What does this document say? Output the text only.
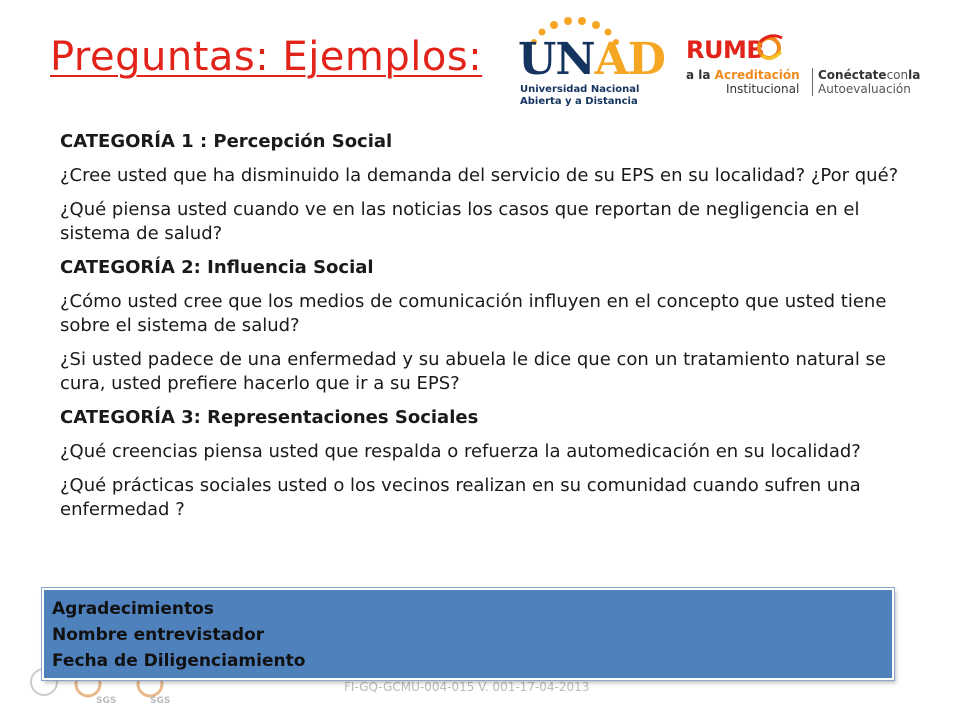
Preguntas: Ejemplos: UNAD
Universidad Nacional
Abierta y a Distancia
RUMB
a la Acreditación
Institucional
Conéctateconla
Autoevaluación

CATEGORÍA 1 : Percepción Social

¿Cree usted que ha disminuido la demanda del servicio de su EPS en su localidad? ¿Por qué?

¿Qué piensa usted cuando ve en las noticias los casos que reportan de negligencia en el sistema de salud?

CATEGORÍA 2: Influencia Social

¿Cómo usted cree que los medios de comunicación influyen en el concepto que usted tiene sobre el sistema de salud?

¿Si usted padece de una enfermedad y su abuela le dice que con un tratamiento natural se cura, usted prefiere hacerlo que ir a su EPS?

CATEGORÍA 3: Representaciones Sociales

¿Qué creencias piensa usted que respalda o refuerza la automedicación en su localidad?

¿Qué prácticas sociales usted o los vecinos realizan en su comunidad cuando sufren una enfermedad ?

SGS	SGS
FI-GQ-GCMU-004-015 V. 001-17-04-2013
Agradecimientos
Nombre entrevistador
Fecha de Diligenciamiento
